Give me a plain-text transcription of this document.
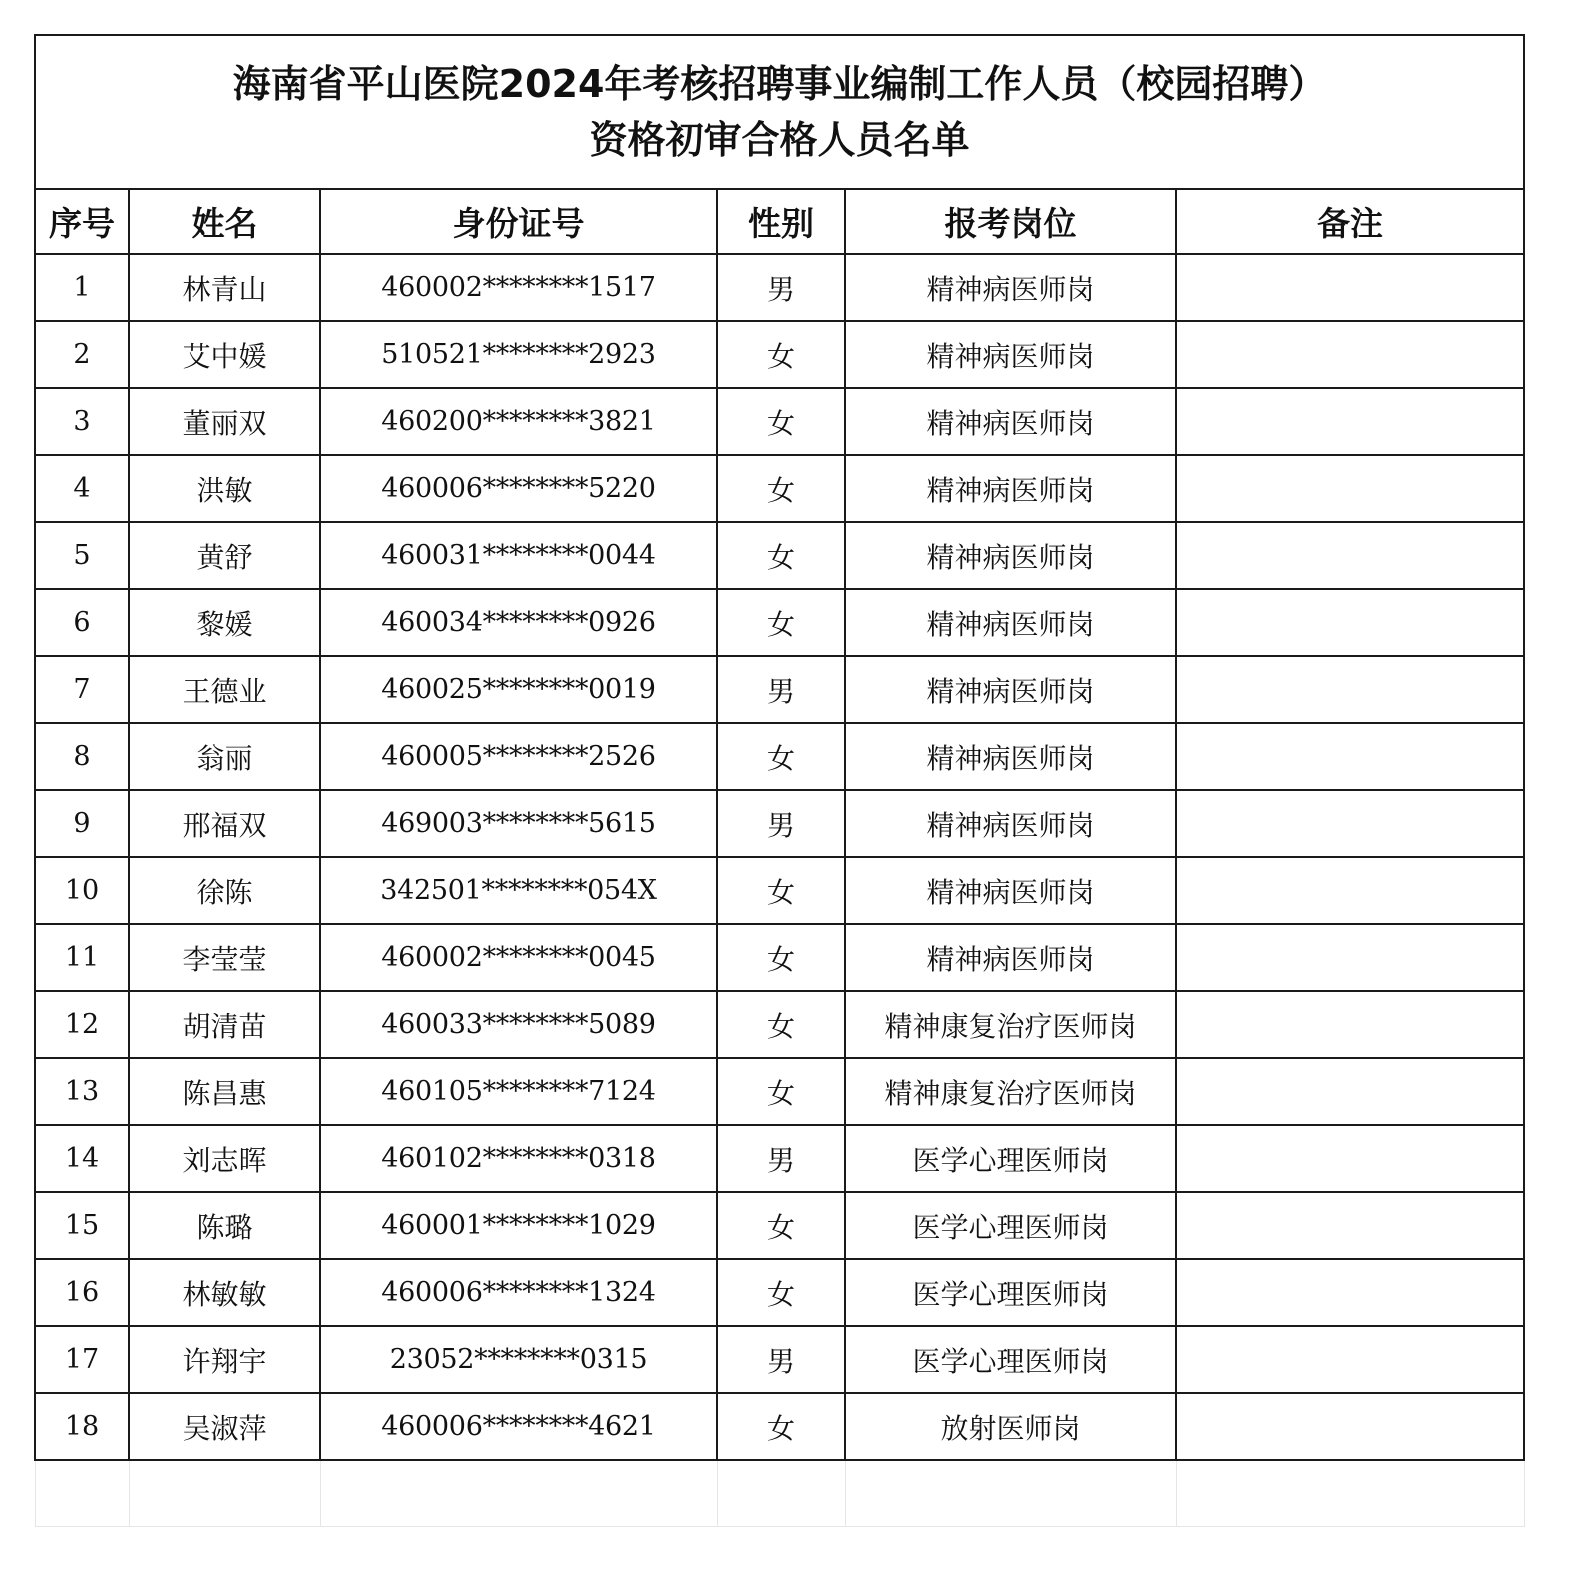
海南省平山医院2024年考核招聘事业编制工作人员（校园招聘）
资格初审合格人员名单					

序号	姓名	身份证号	性别	报考岗位	备注
1	林青山	460002********1517	男	精神病医师岗	
2	艾中媛	510521********2923	女	精神病医师岗	
3	董丽双	460200********3821	女	精神病医师岗	
4	洪敏	460006********5220	女	精神病医师岗	
5	黄舒	460031********0044	女	精神病医师岗	
6	黎媛	460034********0926	女	精神病医师岗	
7	王德业	460025********0019	男	精神病医师岗	
8	翁丽	460005********2526	女	精神病医师岗	
9	邢福双	469003********5615	男	精神病医师岗	
10	徐陈	342501********054X	女	精神病医师岗	
11	李莹莹	460002********0045	女	精神病医师岗	
12	胡清苗	460033********5089	女	精神康复治疗医师岗	
13	陈昌惠	460105********7124	女	精神康复治疗医师岗	
14	刘志晖	460102********0318	男	医学心理医师岗	
15	陈璐	460001********1029	女	医学心理医师岗	
16	林敏敏	460006********1324	女	医学心理医师岗	
17	许翔宇	23052********0315	男	医学心理医师岗	
18	吴淑萍	460006********4621	女	放射医师岗	
